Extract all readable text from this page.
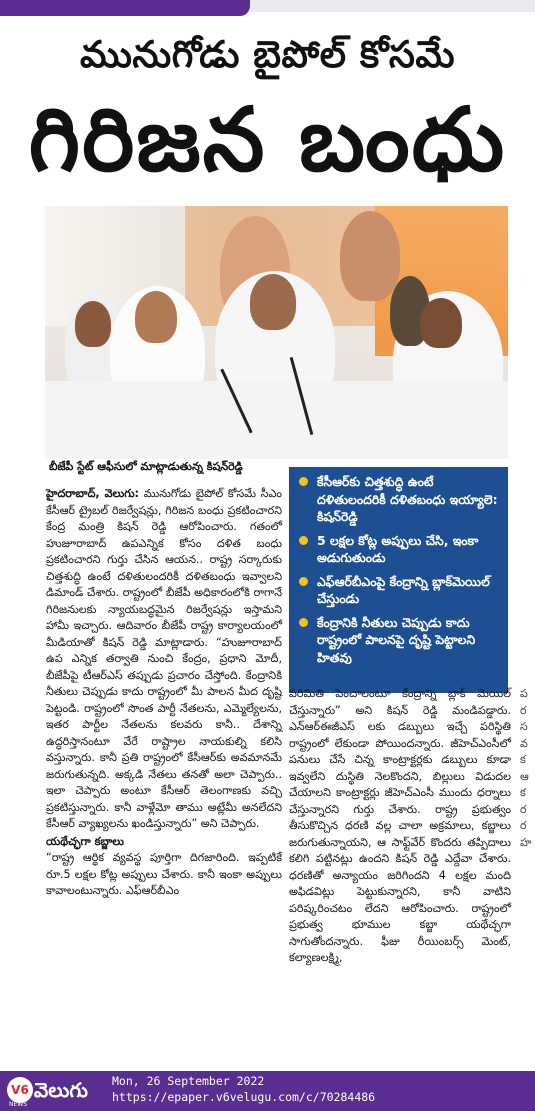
మునుగోడు బైపోల్ కోసమే
గిరిజన బంధు
బీజేపీ స్టేట్ ఆఫీసులో మాట్లాడుతున్న కిషన్‌రెడ్డి
కేసీఆర్‌కు చిత్తశుద్ధి ఉంటే దళితులందరికీ దళితబంధు ఇయ్యాలె: కిషన్‌రెడ్డి
5 లక్షల కోట్ల అప్పులు చేసి, ఇంకా అడుగుతుండు
ఎఫ్ఆర్‌బీఎంపై కేంద్రాన్ని బ్లాక్‌మెయిల్ చేస్తుండు
కేంద్రానికి నీతులు చెప్పుడు కాదు రాష్ట్రంలో పాలనపై దృష్టి పెట్టాలని హితవు

హైదరాబాద్, వెలుగు: మునుగోడు బైపోల్ కోసమే సీఎం కేసీఆర్ ట్రైబల్ రిజర్వేషన్లు, గిరిజన బంధు ప్రకటించారని కేంద్ర మంత్రి కిషన్ రెడ్డి ఆరోపించారు. గతంలో హుజూరాబాద్ ఉపఎన్నిక కోసం దళిత బంధు ప్రకటించారని గుర్తు చేసిన ఆయన.. రాష్ట్ర సర్కారుకు చిత్తశుద్ధి ఉంటే దళితులందరికీ దళితబంధు ఇవ్వాలని డిమాండ్ చేశారు. రాష్ట్రంలో బీజేపీ అధికారంలోకి రాగానే గిరిజనులకు న్యాయబద్ధమైన రిజర్వేషన్లు ఇస్తామని హామీ ఇచ్చారు. ఆదివారం బీజేపీ రాష్ట్ర కార్యాలయంలో మీడియాతో కిషన్ రెడ్డి మాట్లాడారు. “హుజూరాబాద్ ఉప ఎన్నిక తర్వాతి నుంచి కేంద్రం, ప్రధాని మోదీ, బీజేపీపై టీఆర్ఎస్ తప్పుడు ప్రచారం చేస్తోంది. కేంద్రానికి నీతులు చెప్పుడు కాదు రాష్ట్రంలో మీ పాలన మీద దృష్టి పెట్టండి. రాష్ట్రంలో సొంత పార్టీ నేతలను, ఎమ్మెల్యేలను, ఇతర పార్టీల నేతలను కలవరు కానీ.. దేశాన్ని ఉద్ధరిస్తానంటూ వేరే రాష్ట్రాల నాయకుల్ని కలిసి వస్తున్నారు. కానీ ప్రతి రాష్ట్రంలో కేసీఆర్‌కు అవమానమే జరుగుతున్నది. అక్కడి నేతలు తనతో అలా చెప్పారు.. ఇలా చెప్పారు అంటూ కేసీఆర్ తెలంగాణకు వచ్చి ప్రకటిస్తున్నారు. కానీ వాళ్లేమో తాము అట్లేమీ అనలేదని కేసీఆర్ వ్యాఖ్యలను ఖండిస్తున్నారు” అని చెప్పారు.

యథేచ్ఛగా కబ్జాలు

“రాష్ట్ర ఆర్థిక వ్యవస్థ పూర్తిగా దిగజారింది. ఇప్పటికే రూ.5 లక్షల కోట్ల అప్పులు చేశారు. కానీ ఇంకా అప్పులు కావాలంటున్నారు. ఎఫ్ఆర్‌బీఎం

పరిమితి పెంచాలంటూ కేంద్రాన్ని బ్లాక్ మెయిల్ చేస్తున్నారు” అని కిషన్ రెడ్డి మండిపడ్డారు. ఎన్ఆర్ఈజీఎస్ లకు డబ్బులు ఇచ్చే పరిస్థితి రాష్ట్రంలో లేకుండా పోయిందన్నారు. జీహెచ్ఎంసీలో పనులు చేసే చిన్న కాంట్రాక్టర్లకు డబ్బులు కూడా ఇవ్వలేని దుస్థితి నెలకొందని, బిల్లులు విడుదల చేయాలని కాంట్రాక్టర్లు జీహెచ్ఎంసీ ముందు ధర్నాలు చేస్తున్నారని గుర్తు చేశారు. రాష్ట్ర ప్రభుత్వం తీసుకొచ్చిన ధరణి వల్ల చాలా అక్రమాలు, కబ్జాలు జరుగుతున్నాయని, ఆ సాఫ్ట్‌వేర్ కొందరు తప్పిదాలు కలిగి పట్టినట్లు ఉందని కిషన్ రెడ్డి ఎద్దేవా చేశారు. ధరణితో అన్యాయం జరిగిందని 4 లక్షల మంది అఫిడవిట్లు పెట్టుకున్నారని, కానీ వాటిని పరిష్కరించటం లేదని ఆరోపించారు. రాష్ట్రంలో ప్రభుత్వ భూముల కబ్జా యథేచ్ఛగా సాగుతోందన్నారు. ఫీజు రీయింబర్స్ మెంట్, కల్యాణలక్ష్మి,

ప
ర
స
వ
క
ఆ
క
ర
ర
హ
V6 వెలుగు
NEWS
Mon, 26 September 2022
https://epaper.v6velugu.com/c/70284486
